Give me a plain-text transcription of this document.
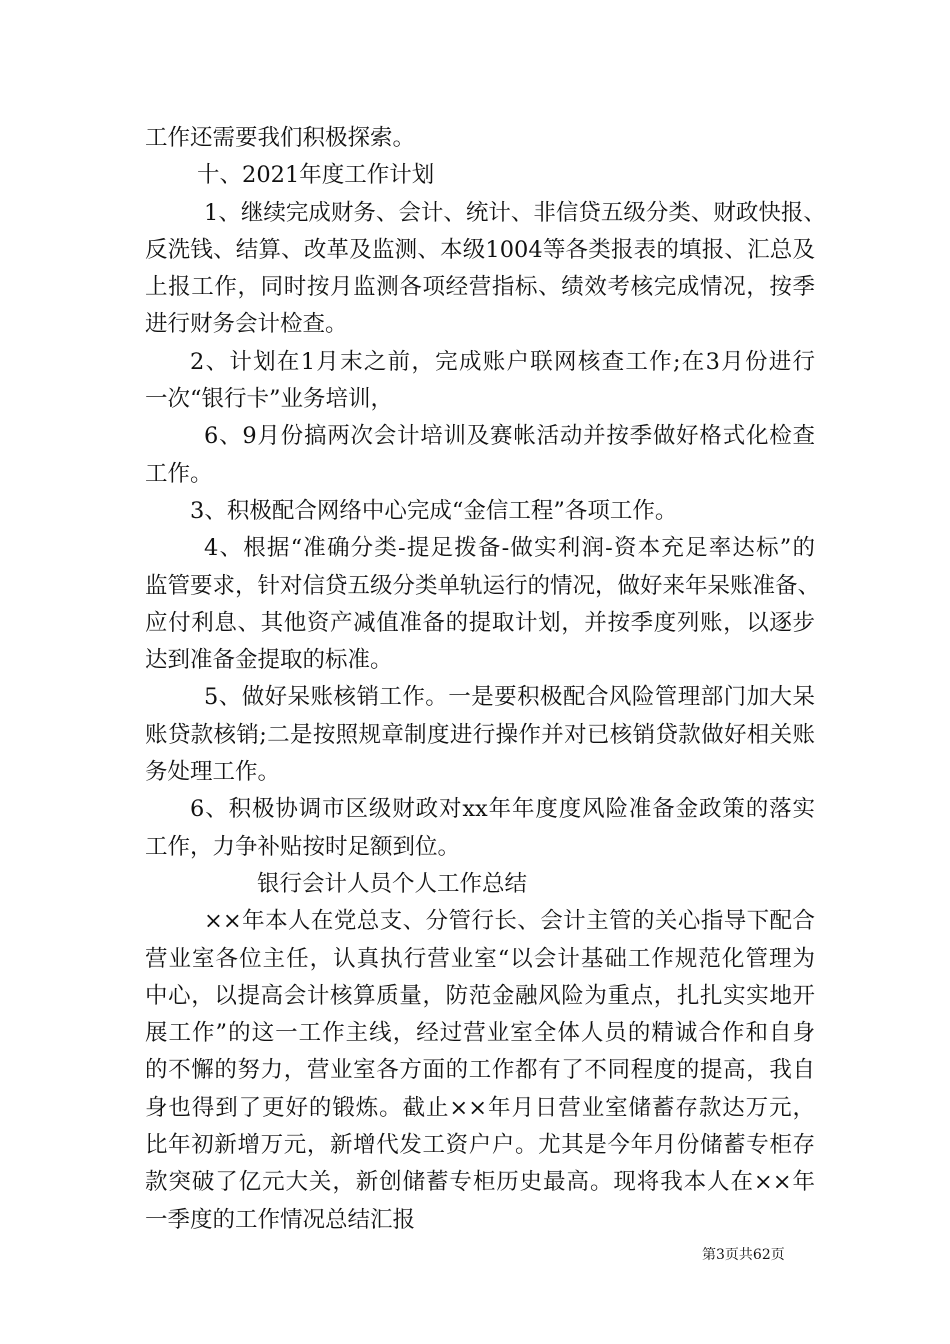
工作还需要我们积极探索。
十、2021年度工作计划
1、继续完成财务、会计、统计、非信贷五级分类、财政快报、
反洗钱、结算、改革及监测、本级1004等各类报表的填报、汇总及
上报工作，同时按月监测各项经营指标、绩效考核完成情况，按季
进行财务会计检查。
2、计划在1月末之前，完成账户联网核查工作;在3月份进行
一次“银行卡”业务培训，
6、9月份搞两次会计培训及赛帐活动并按季做好格式化检查
工作。
3、积极配合网络中心完成“金信工程”各项工作。
4、根据“准确分类-提足拨备-做实利润-资本充足率达标”的
监管要求，针对信贷五级分类单轨运行的情况，做好来年呆账准备、
应付利息、其他资产减值准备的提取计划，并按季度列账，以逐步
达到准备金提取的标准。
5、做好呆账核销工作。一是要积极配合风险管理部门加大呆
账贷款核销;二是按照规章制度进行操作并对已核销贷款做好相关账
务处理工作。
6、积极协调市区级财政对xx年年度度风险准备金政策的落实
工作，力争补贴按时足额到位。
银行会计人员个人工作总结
××年本人在党总支、分管行长、会计主管的关心指导下配合
营业室各位主任，认真执行营业室“以会计基础工作规范化管理为
中心，以提高会计核算质量，防范金融风险为重点，扎扎实实地开
展工作”的这一工作主线，经过营业室全体人员的精诚合作和自身
的不懈的努力，营业室各方面的工作都有了不同程度的提高，我自
身也得到了更好的锻炼。截止××年月日营业室储蓄存款达万元，
比年初新增万元，新增代发工资户户。尤其是今年月份储蓄专柜存
款突破了亿元大关，新创储蓄专柜历史最高。现将我本人在××年
一季度的工作情况总结汇报
第3页共62页
